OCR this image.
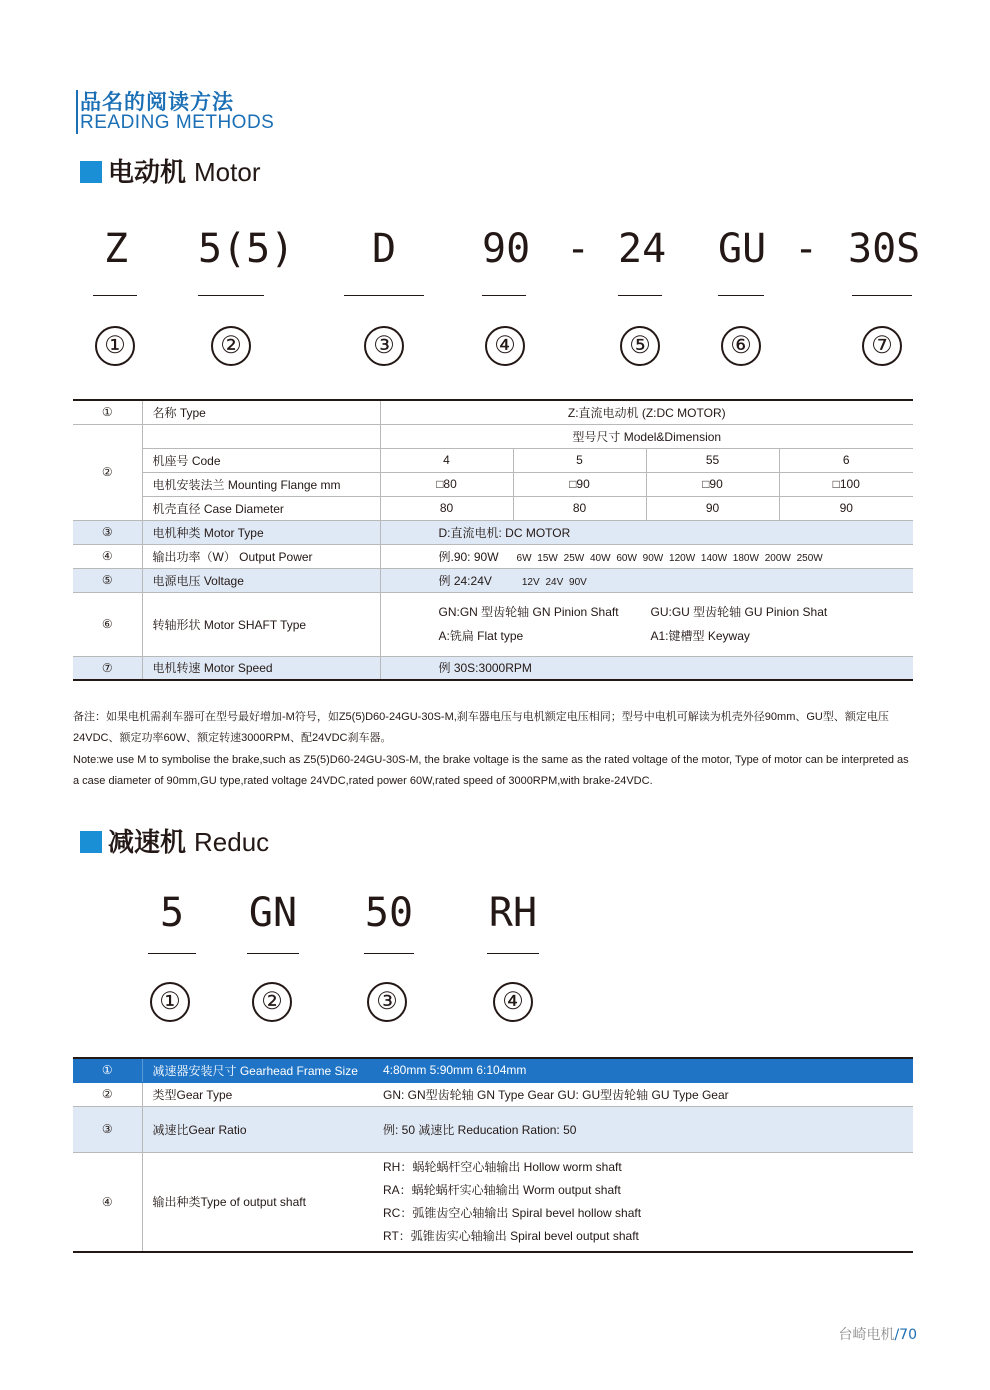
品名的阅读方法
READING METHODS
电动机 Motor
Z 5(5)	D	90 - 24 GU - 30S
①	②	③	④	⑤	⑥	⑦
①	名称 Type	Z:直流电动机 (Z:DC MOTOR)			
②		型号尺寸 Model&Dimension			
	机座号 Code	4	5	55	6
	电机安装法兰 Mounting Flange mm	□80	□90	□90	□100
	机壳直径 Case Diameter	80	80	90	90
③	电机种类 Motor Type	D:直流电机: DC MOTOR			
④	输出功率（W） Output Power	例.90: 90W 6W 15W 25W 40W 60W 90W 120W 140W 180W 200W 250W			
⑤	电源电压 Voltage	例 24:24V 12V 24V 90V			
⑥	转轴形状 Motor SHAFT Type	GN:GN 型齿轮轴 GN Pinion Shaft GU:GU 型齿轮轴 GU Pinion Shat
A:铣扁 Flat type A1:键槽型 Keyway			
⑦	电机转速 Motor Speed	例 30S:3000RPM			
备注：如果电机需刹车器可在型号最好增加-M符号，如Z5(5)D60-24GU-30S-M,刹车器电压与电机额定电压相同；型号中电机可解读为机壳外径90mm、GU型、额定电压24VDC、额定功率60W、额定转速3000RPM、配24VDC刹车器。
Note:we use M to symbolise the brake,such as Z5(5)D60-24GU-30S-M, the brake voltage is the same as the rated voltage of the motor, Type of motor can be interpreted as a case diameter of 90mm,GU type,rated voltage 24VDC,rated power 60W,rated speed of 3000RPM,with brake-24VDC.
减速机 Reduc
5 GN 50 RH
①	②	③	④
①	减速器安装尺寸 Gearhead Frame Size	4:80mm 5:90mm 6:104mm
②	类型Gear Type	GN: GN型齿轮轴 GN Type Gear GU: GU型齿轮轴 GU Type Gear
③	减速比Gear Ratio	例: 50 减速比 Reducation Ration: 50
④	输出种类Type of output shaft	RH：蜗轮蜗杆空心轴输出 Hollow worm shaft
RA：蜗轮蜗杆实心轴输出 Worm output shaft
RC：弧锥齿空心轴输出 Spiral bevel hollow shaft
RT：弧锥齿实心轴输出 Spiral bevel output shaft
台崎电机/70
